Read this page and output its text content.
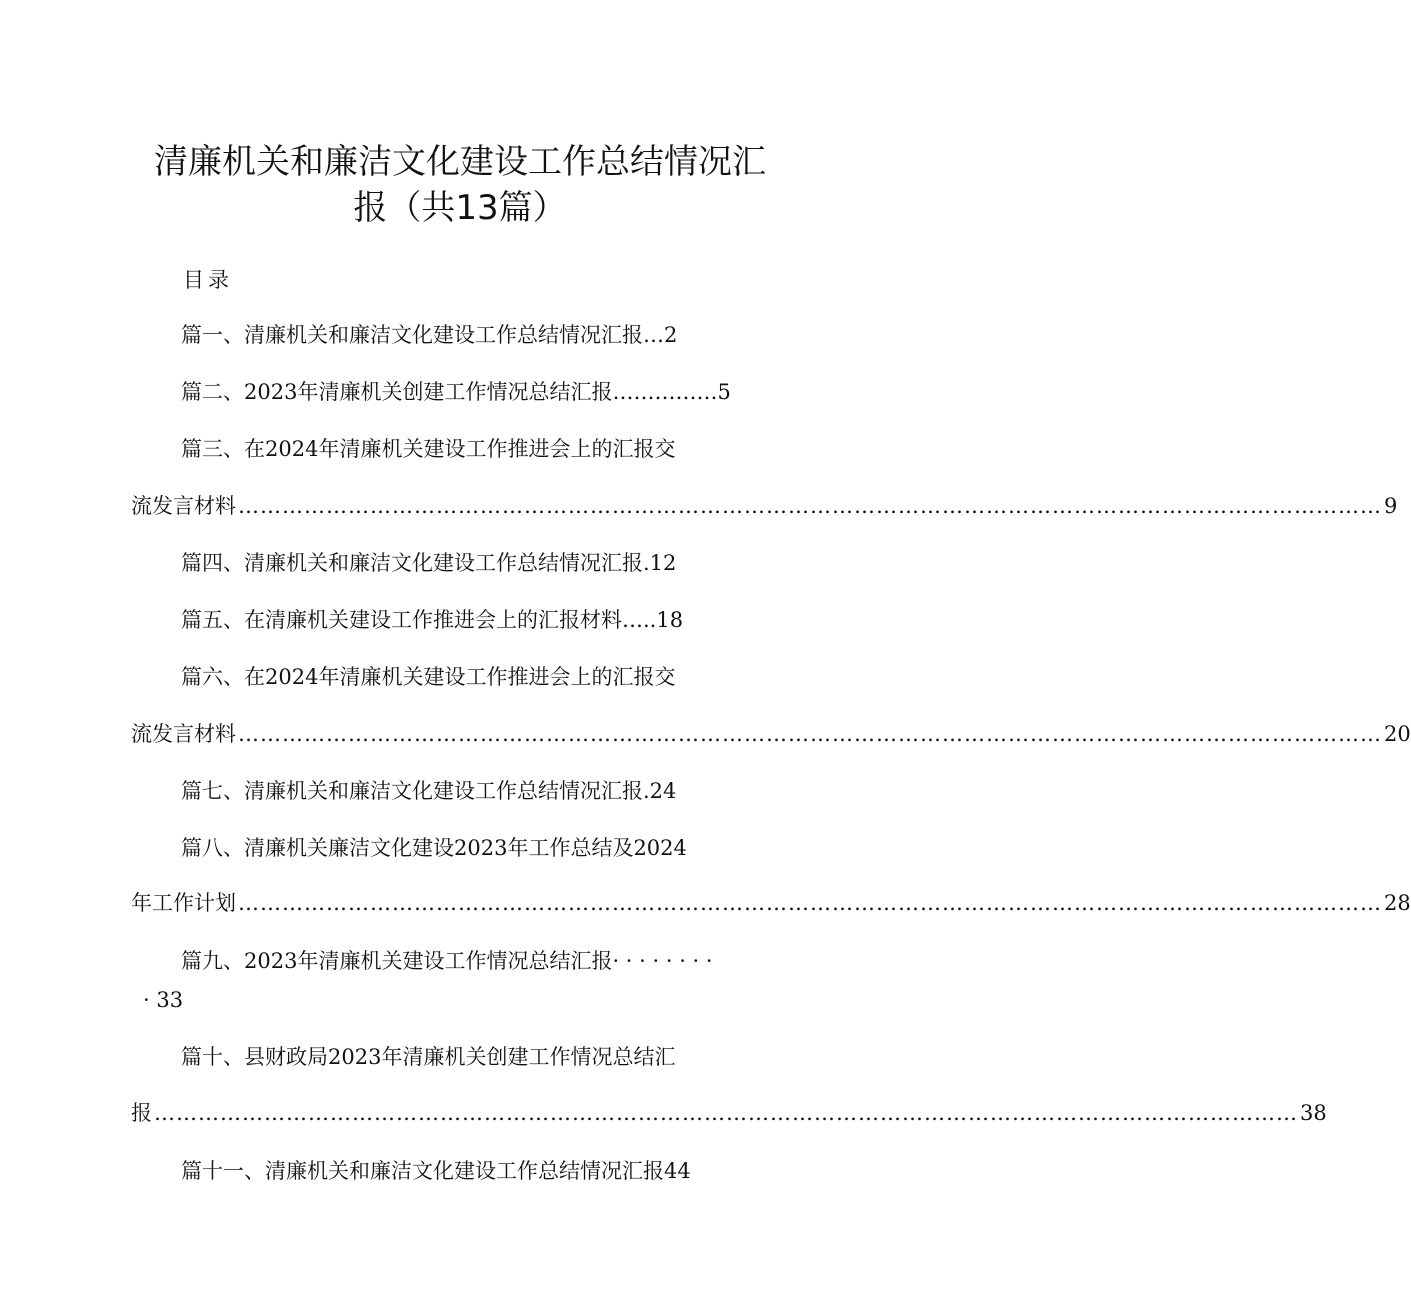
清廉机关和廉洁文化建设工作总结情况汇
报（共13篇）
目录
篇一、清廉机关和廉洁文化建设工作总结情况汇报…2
篇二、2023年清廉机关创建工作情况总结汇报……………5
篇三、在2024年清廉机关建设工作推进会上的汇报交
流发言材料 ………………………………………………………………………………………………………………………………………… 9
篇四、清廉机关和廉洁文化建设工作总结情况汇报.12
篇五、在清廉机关建设工作推进会上的汇报材料…..18
篇六、在2024年清廉机关建设工作推进会上的汇报交
流发言材料 ………………………………………………………………………………………………………………………………………… 20
篇七、清廉机关和廉洁文化建设工作总结情况汇报.24
篇八、清廉机关廉洁文化建设2023年工作总结及2024
年工作计划 ………………………………………………………………………………………………………………………………………… 28
篇九、2023年清廉机关建设工作情况总结汇报· · · · · · · ·
· 33
篇十、县财政局2023年清廉机关创建工作情况总结汇
报 ………………………………………………………………………………………………………………………………………… 38
篇十一、清廉机关和廉洁文化建设工作总结情况汇报44
